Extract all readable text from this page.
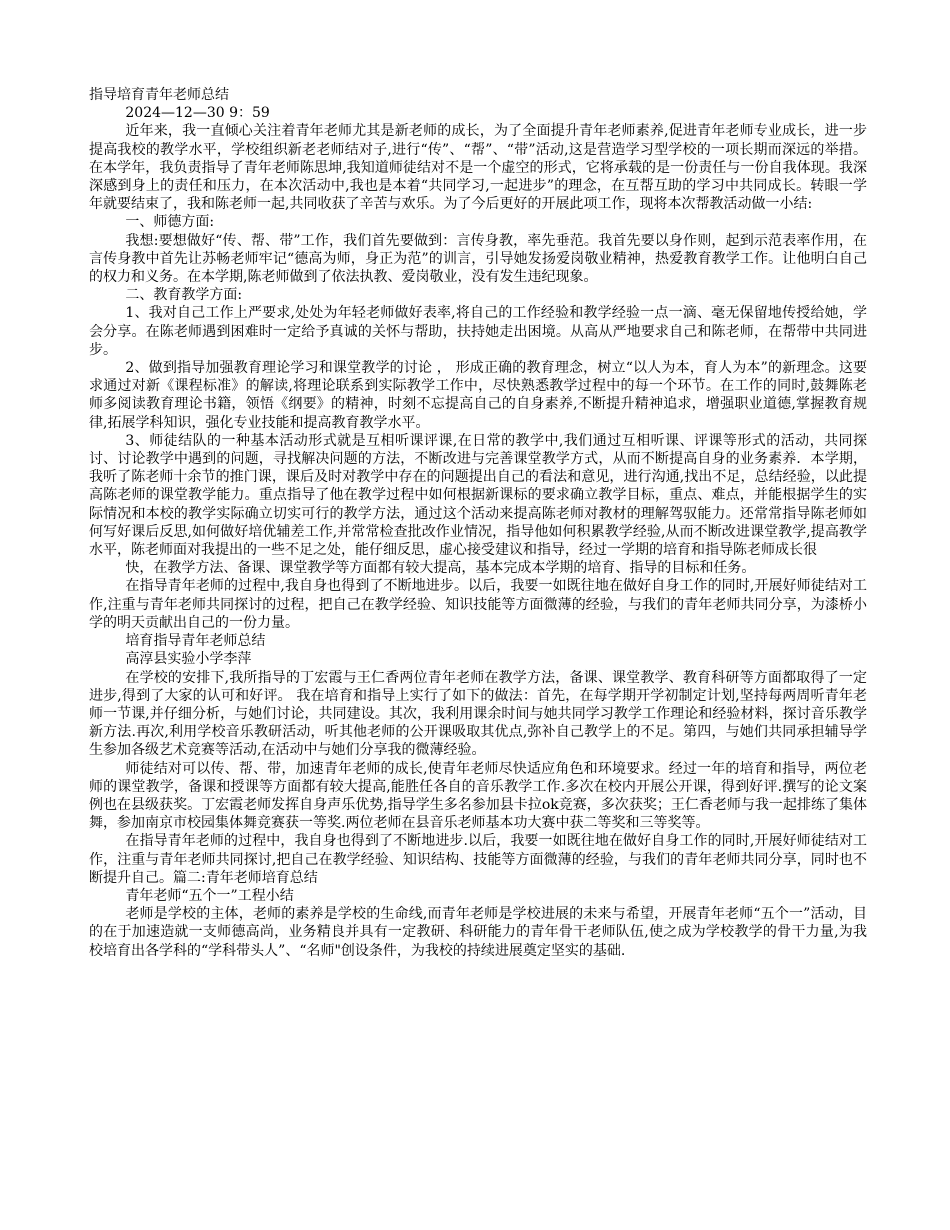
指导培育青年老师总结

2024—12—30 9：59

近年来，我一直倾心关注着青年老师尤其是新老师的成长，为了全面提升青年老师素养,促进青年老师专业成长，进一步提高我校的教学水平，学校组织新老老师结对子,进行“传”、“帮”、“带”活动,这是营造学习型学校的一项长期而深远的举措。在本学年，我负责指导了青年老师陈思坤,我知道师徒结对不是一个虚空的形式，它将承载的是一份责任与一份自我体现。我深深感到身上的责任和压力，在本次活动中,我也是本着“共同学习,一起进步”的理念，在互帮互助的学习中共同成长。转眼一学年就要结束了，我和陈老师一起,共同收获了辛苦与欢乐。为了今后更好的开展此项工作，现将本次帮教活动做一小结:

一、师德方面:

我想:要想做好“传、帮、带”工作，我们首先要做到：言传身教，率先垂范。我首先要以身作则，起到示范表率作用，在言传身教中首先让苏畅老师牢记“德高为师，身正为范”的训言，引导她发扬爱岗敬业精神，热爱教育教学工作。让他明白自己的权力和义务。在本学期,陈老师做到了依法执教、爱岗敬业，没有发生违纪现象。

二、教育教学方面:

1、我对自己工作上严要求,处处为年轻老师做好表率,将自己的工作经验和教学经验一点一滴、毫无保留地传授给她，学会分享。在陈老师遇到困难时一定给予真诚的关怀与帮助，扶持她走出困境。从高从严地要求自己和陈老师，在帮带中共同进步。

2、做到指导加强教育理论学习和课堂教学的讨论 ， 形成正确的教育理念，树立“以人为本，育人为本”的新理念。这要求通过对新《课程标准》的解读,将理论联系到实际教学工作中，尽快熟悉教学过程中的每一个环节。在工作的同时,鼓舞陈老师多阅读教育理论书籍，领悟《纲要》的精神，时刻不忘提高自己的自身素养,不断提升精神追求，增强职业道德,掌握教育规律,拓展学科知识，强化专业技能和提高教育教学水平。

3、师徒结队的一种基本活动形式就是互相听课评课,在日常的教学中,我们通过互相听课、评课等形式的活动，共同探讨、讨论教学中遇到的问题，寻找解决问题的方法，不断改进与完善课堂教学方式，从而不断提高自身的业务素养．本学期，我听了陈老师十余节的推门课，课后及时对教学中存在的问题提出自己的看法和意见，进行沟通,找出不足，总结经验，以此提高陈老师的课堂教学能力。重点指导了他在教学过程中如何根据新课标的要求确立教学目标，重点、难点，并能根据学生的实际情况和本校的教学实际确立切实可行的教学方法，通过这个活动来提高陈老师对教材的理解驾驭能力。还常常指导陈老师如何写好课后反思,如何做好培优辅差工作,并常常检查批改作业情况，指导他如何积累教学经验,从而不断改进课堂教学,提高教学水平，陈老师面对我提出的一些不足之处，能仔细反思，虚心接受建议和指导，经过一学期的培育和指导陈老师成长很

快，在教学方法、备课、课堂教学等方面都有较大提高，基本完成本学期的培育、指导的目标和任务。

在指导青年老师的过程中,我自身也得到了不断地进步。以后，我要一如既往地在做好自身工作的同时,开展好师徒结对工作,注重与青年老师共同探讨的过程，把自己在教学经验、知识技能等方面微薄的经验，与我们的青年老师共同分享，为漆桥小学的明天贡献出自己的一份力量。

培育指导青年老师总结

高淳县实验小学李萍

在学校的安排下,我所指导的丁宏霞与王仁香两位青年老师在教学方法，备课、课堂教学、教育科研等方面都取得了一定进步,得到了大家的认可和好评。 我在培育和指导上实行了如下的做法：首先，在每学期开学初制定计划,坚持每两周听青年老师一节课,并仔细分析，与她们讨论，共同建设。其次，我利用课余时间与她共同学习教学工作理论和经验材料，探讨音乐教学新方法.再次,利用学校音乐教研活动，听其他老师的公开课吸取其优点,弥补自己教学上的不足。第四，与她们共同承担辅导学生参加各级艺术竞赛等活动,在活动中与她们分享我的微薄经验。

师徒结对可以传、帮、带，加速青年老师的成长,使青年老师尽快适应角色和环境要求。经过一年的培育和指导，两位老师的课堂教学，备课和授课等方面都有较大提高,能胜任各自的音乐教学工作.多次在校内开展公开课，得到好评.撰写的论文案例也在县级获奖。丁宏霞老师发挥自身声乐优势,指导学生多名参加县卡拉ok竞赛，多次获奖；王仁香老师与我一起排练了集体舞，参加南京市校园集体舞竞赛获一等奖.两位老师在县音乐老师基本功大赛中获二等奖和三等奖等。

在指导青年老师的过程中，我自身也得到了不断地进步.以后，我要一如既往地在做好自身工作的同时,开展好师徒结对工作，注重与青年老师共同探讨,把自己在教学经验、知识结构、技能等方面微薄的经验，与我们的青年老师共同分享，同时也不断提升自己。篇二:青年老师培育总结

青年老师“五个一”工程小结

老师是学校的主体，老师的素养是学校的生命线,而青年老师是学校进展的未来与希望，开展青年老师“五个一”活动，目的在于加速造就一支师德高尚，业务精良并具有一定教研、科研能力的青年骨干老师队伍,使之成为学校教学的骨干力量,为我校培育出各学科的“学科带头人”、“名师"创设条件，为我校的持续进展奠定坚实的基础.
